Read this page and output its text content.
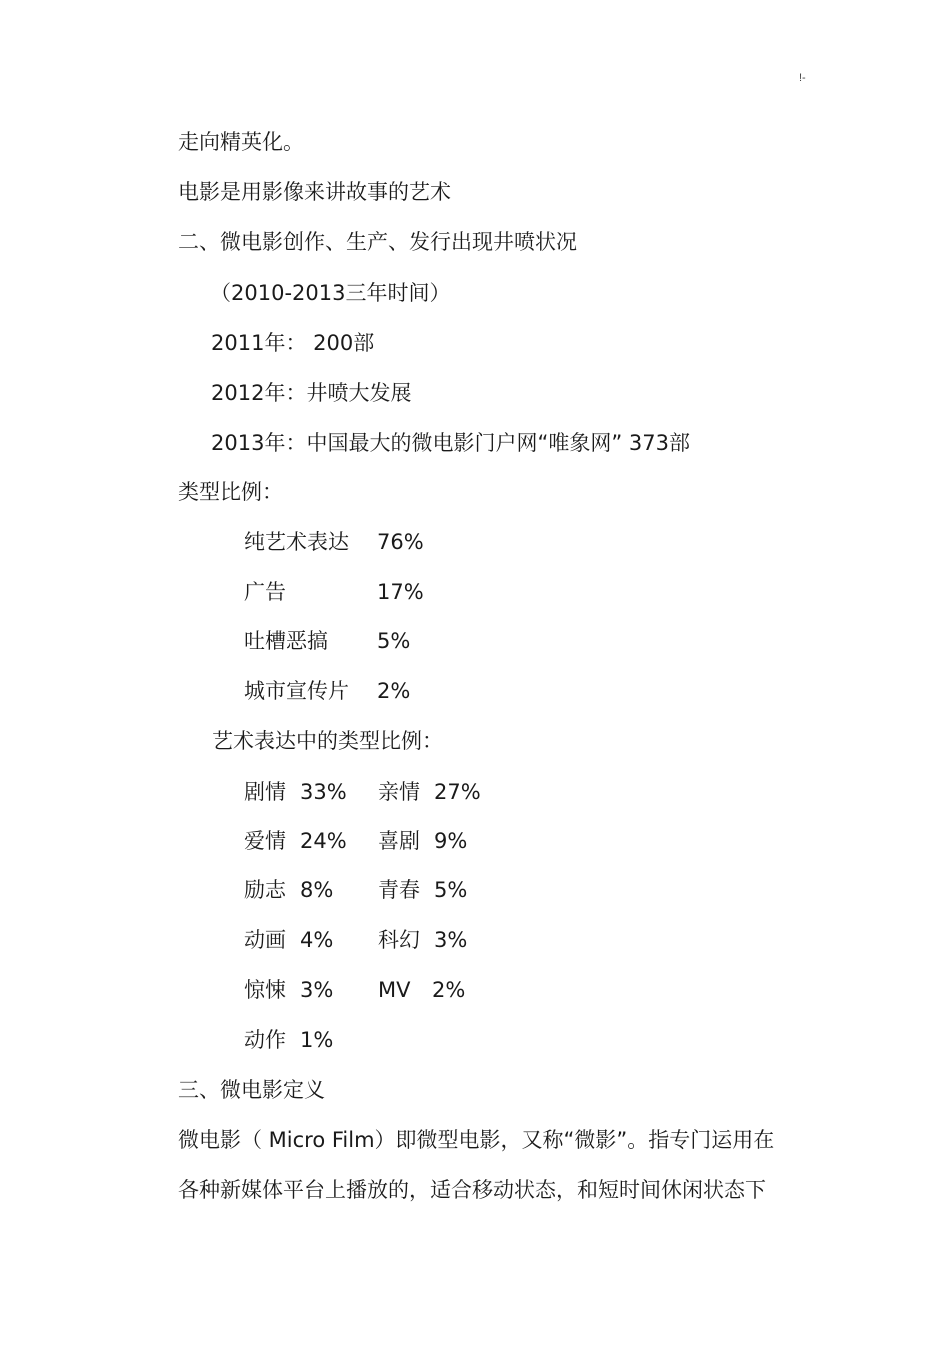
!-
走向精英化。
电影是用影像来讲故事的艺术
二、微电影创作、生产、发行出现井喷状况
（2010-2013三年时间）
2011年： 200部
2012年：井喷大发展
2013年：中国最大的微电影门户网“唯象网” 373部
类型比例：
纯艺术表达 76%
广告	17%
吐槽恶搞 5%
城市宣传片 2%
艺术表达中的类型比例：
剧情 33% 亲情 27%
爱情 24% 喜剧 9%
励志 8% 青春 5%
动画 4% 科幻 3%
惊悚 3% MV 2%
动作 1%
三、微电影定义
微电影（ Micro Film）即微型电影，又称“微影”。指专门运用在
各种新媒体平台上播放的，适合移动状态，和短时间休闲状态下
